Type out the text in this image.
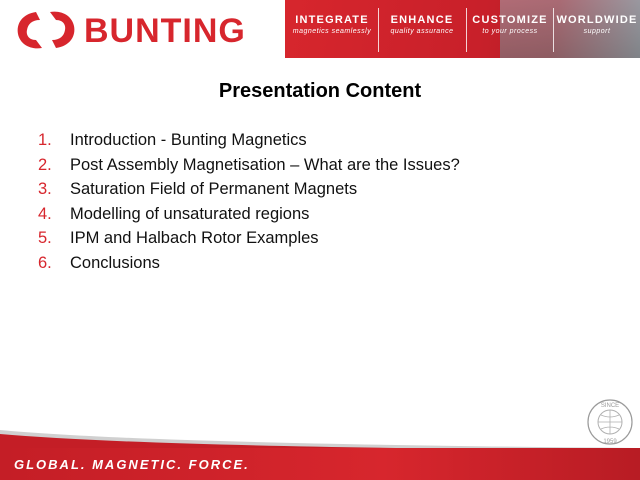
BUNTING	INTEGRATE
magnetics seamlessly
ENHANCE
quality assurance
CUSTOMIZE
to your process
WORLDWIDE
support
Presentation Content
1. Introduction - Bunting Magnetics
2. Post Assembly Magnetisation – What are the Issues?
3. Saturation Field of Permanent Magnets
4. Modelling of unsaturated regions
5. IPM and Halbach Rotor Examples
6. Conclusions
SINCE
1959
GLOBAL. MAGNETIC. FORCE.
